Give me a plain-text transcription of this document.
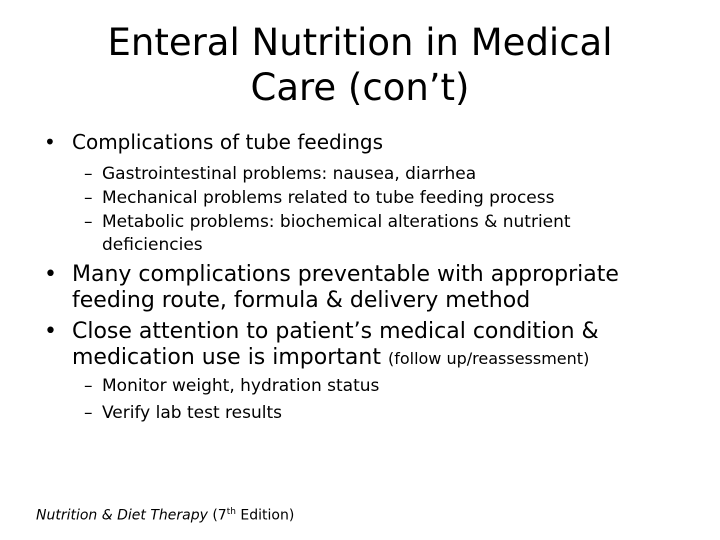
Enteral Nutrition in Medical
Care (con’t)
• Complications of tube feedings
– Gastrointestinal problems: nausea, diarrhea
– Mechanical problems related to tube feeding process
– Metabolic problems: biochemical alterations & nutrient
deficiencies
• Many complications preventable with appropriate
feeding route, formula & delivery method
• Close attention to patient’s medical condition &
medication use is important (follow up/reassessment)
– Monitor weight, hydration status
– Verify lab test results
Nutrition & Diet Therapy (7th Edition)
